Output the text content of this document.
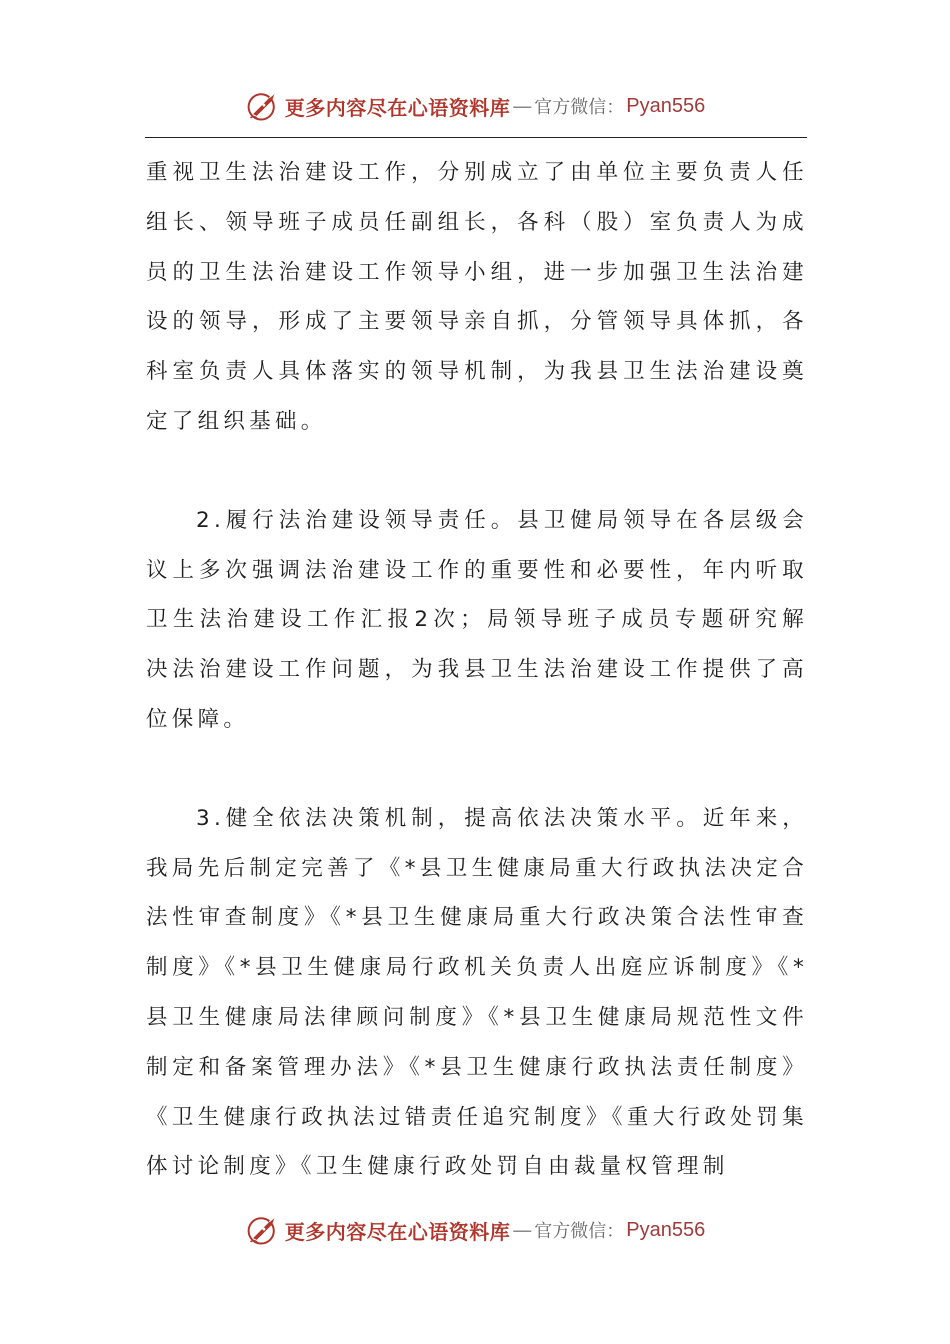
更多内容尽在心语资料库 — 官方微信： Pyan556

重视卫生法治建设工作，分别成立了由单位主要负责人任组长、领导班子成员任副组长，各科（股）室负责人为成员的卫生法治建设工作领导小组，进一步加强卫生法治建设的领导，形成了主要领导亲自抓，分管领导具体抓，各科室负责人具体落实的领导机制，为我县卫生法治建设奠定了组织基础。

2.履行法治建设领导责任。县卫健局领导在各层级会议上多次强调法治建设工作的重要性和必要性，年内听取卫生法治建设工作汇报2次；局领导班子成员专题研究解决法治建设工作问题，为我县卫生法治建设工作提供了高位保障。

3.健全依法决策机制，提高依法决策水平。近年来，我局先后制定完善了《*县卫生健康局重大行政执法决定合法性审查制度》《*县卫生健康局重大行政决策合法性审查制度》《*县卫生健康局行政机关负责人出庭应诉制度》《*县卫生健康局法律顾问制度》《*县卫生健康局规范性文件制定和备案管理办法》《*县卫生健康行政执法责任制度》《卫生健康行政执法过错责任追究制度》《重大行政处罚集体讨论制度》《卫生健康行政处罚自由裁量权管理制

更多内容尽在心语资料库 — 官方微信： Pyan556
